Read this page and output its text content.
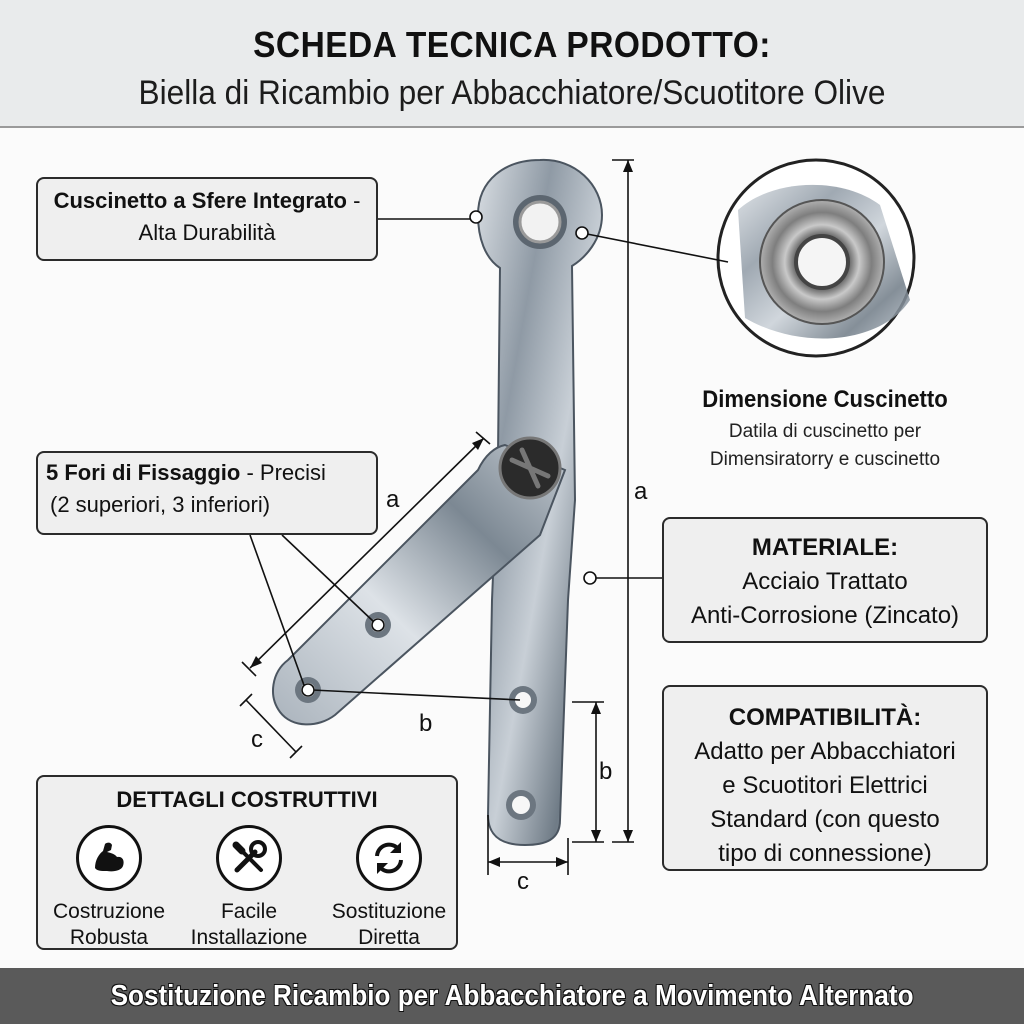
SCHEDA TECNICA PRODOTTO:
Biella di Ricambio per Abbacchiatore/Scuotitore Olive
a
a
b
b
c
c
Cuscinetto a Sfere Integrato - Alta Durabilità
5 Fori di Fissaggio - Precisi
(2 superiori, 3 inferiori)
Dimensione Cuscinetto
Datila di cuscinetto per
Dimensiratorry e cuscinetto
MATERIALE:
Acciaio Trattato
Anti-Corrosione (Zincato)
COMPATIBILITÀ:
Adatto per Abbacchiatori
e Scuotitori Elettrici
Standard (con questo
tipo di connessione)
DETTAGLI COSTRUTTIVI
Costruzione
Robusta
Facile
Installazione
Sostituzione
Diretta
Sostituzione Ricambio per Abbacchiatore a Movimento Alternato
